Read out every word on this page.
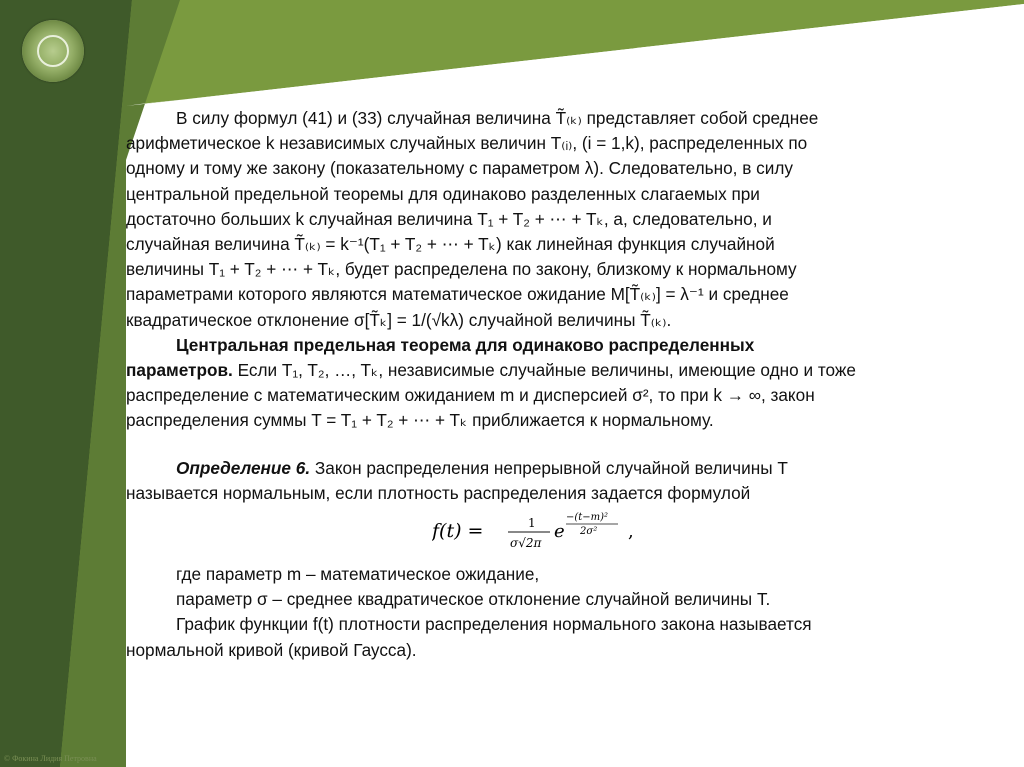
В силу формул (41) и (33) случайная величина T̃₍ₖ₎ представляет собой среднее

арифметическое k независимых случайных величин T₍ᵢ₎, (i = 1,k), распределенных по

одному и тому же закону (показательному с параметром λ). Следовательно, в силу

центральной предельной теоремы для одинаково разделенных слагаемых при

достаточно больших k случайная величина T₁ + T₂ + ⋯ + Tₖ, а, следовательно, и

случайная величина T̃₍ₖ₎ = k⁻¹(T₁ + T₂ + ⋯ + Tₖ) как линейная функция случайной

величины T₁ + T₂ + ⋯ + Tₖ, будет распределена по закону, близкому к нормальному

параметрами которого являются математическое ожидание M[T̃₍ₖ₎] = λ⁻¹ и среднее

квадратическое отклонение σ[T̃ₖ] = 1/(√kλ) случайной величины T̃₍ₖ₎.

Центральная предельная теорема для одинаково распределенных

параметров. Если T₁, T₂, …, Tₖ, независимые случайные величины, имеющие одно и тоже

распределение с математическим ожиданием m и дисперсией σ², то при k → ∞, закон

распределения суммы T = T₁ + T₂ + ⋯ + Tₖ приближается к нормальному.

Определение 6. Закон распределения непрерывной случайной величины T

называется нормальным, если плотность распределения задается формулой

f(t) =	1
σ√2π
e
−(t−m)²
2σ² ,

где параметр m – математическое ожидание,

параметр σ – среднее квадратическое отклонение случайной величины T.

График функции f(t) плотности распределения нормального закона называется

нормальной кривой (кривой Гаусса).

© Фокина Лидия Петровна
